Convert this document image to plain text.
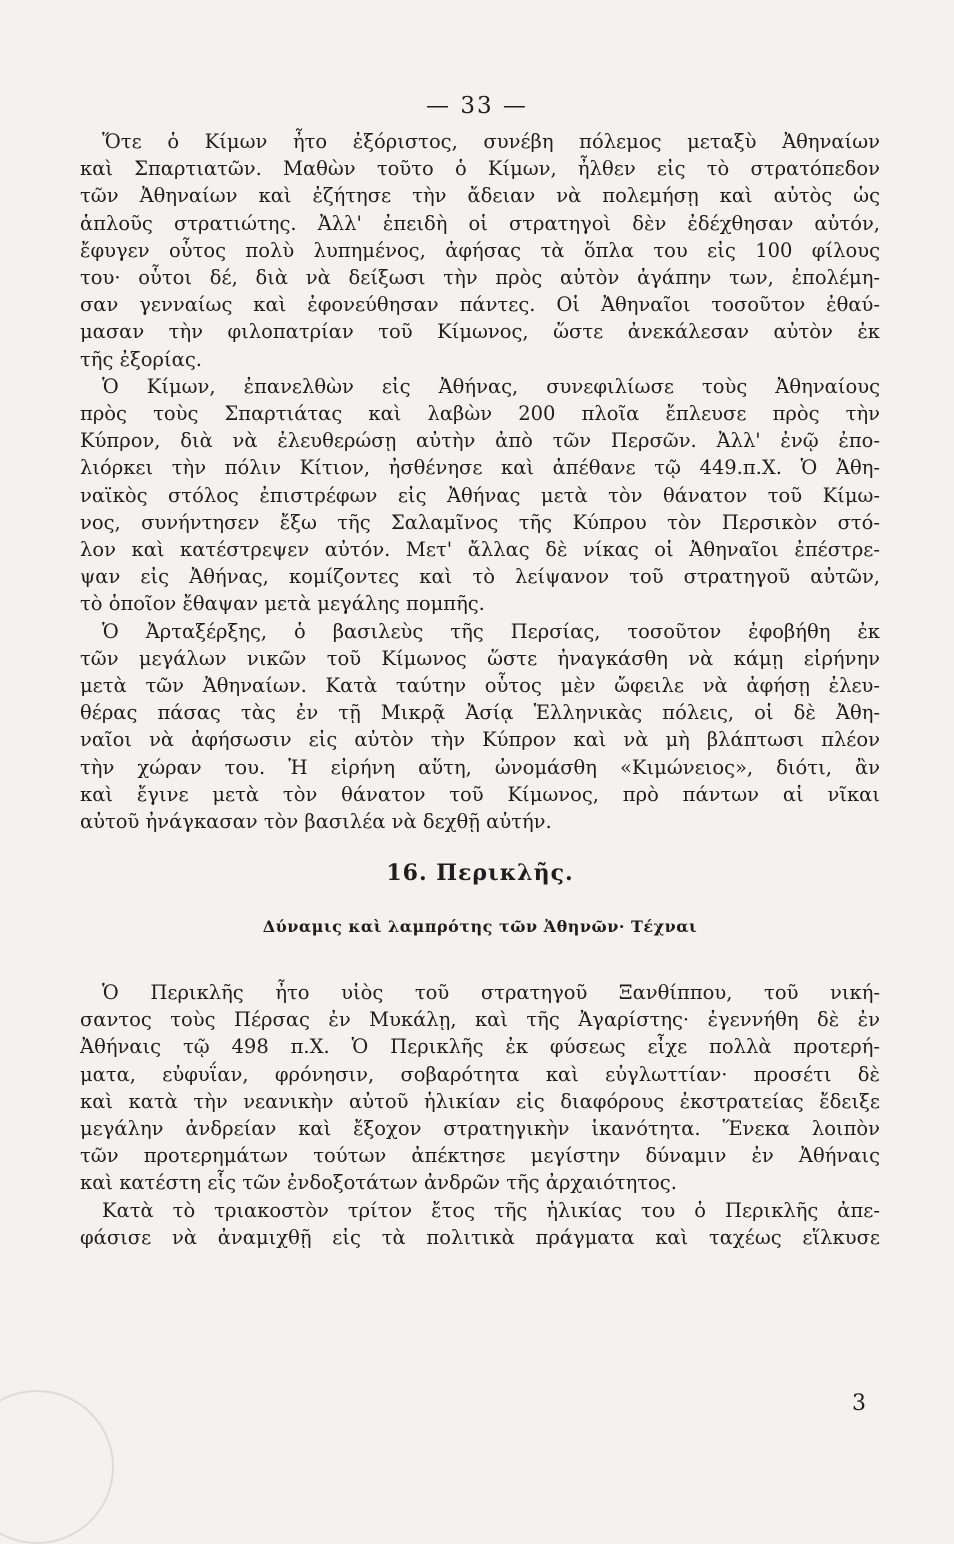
— 33 —

Ὅτε ὁ Κίμων ἦτο ἐξόριστος, συνέβη πόλεμος μεταξὺ Ἀθηναίων

καὶ Σπαρτιατῶν. Μαθὼν τοῦτο ὁ Κίμων, ἦλθεν εἰς τὸ στρατόπεδον

τῶν Ἀθηναίων καὶ ἐζήτησε τὴν ἄδειαν νὰ πολεμήσῃ καὶ αὐτὸς ὡς

ἁπλοῦς στρατιώτης. Ἀλλ' ἐπειδὴ οἱ στρατηγοὶ δὲν ἐδέχθησαν αὐτόν,

ἔφυγεν οὗτος πολὺ λυπημένος, ἀφήσας τὰ ὅπλα του εἰς 100 φίλους

του· οὗτοι δέ, διὰ νὰ δείξωσι τὴν πρὸς αὐτὸν ἀγάπην των, ἐπολέμη-

σαν γενναίως καὶ ἐφονεύθησαν πάντες. Οἱ Ἀθηναῖοι τοσοῦτον ἐθαύ-

μασαν τὴν φιλοπατρίαν τοῦ Κίμωνος, ὥστε ἀνεκάλεσαν αὐτὸν ἐκ

τῆς ἐξορίας.

Ὁ Κίμων, ἐπανελθὼν εἰς Ἀθήνας, συνεφιλίωσε τοὺς Ἀθηναίους

πρὸς τοὺς Σπαρτιάτας καὶ λαβὼν 200 πλοῖα ἔπλευσε πρὸς τὴν

Κύπρον, διὰ νὰ ἐλευθερώσῃ αὐτὴν ἀπὸ τῶν Περσῶν. Ἀλλ' ἐνῷ ἐπο-

λιόρκει τὴν πόλιν Κίτιον, ἠσθένησε καὶ ἀπέθανε τῷ 449.π.Χ. Ὁ Ἀθη-

ναϊκὸς στόλος ἐπιστρέφων εἰς Ἀθήνας μετὰ τὸν θάνατον τοῦ Κίμω-

νος, συνήντησεν ἔξω τῆς Σαλαμῖνος τῆς Κύπρου τὸν Περσικὸν στό-

λον καὶ κατέστρεψεν αὐτόν. Μετ' ἄλλας δὲ νίκας οἱ Ἀθηναῖοι ἐπέστρε-

ψαν εἰς Ἀθήνας, κομίζοντες καὶ τὸ λείψανον τοῦ στρατηγοῦ αὐτῶν,

τὸ ὁποῖον ἔθαψαν μετὰ μεγάλης πομπῆς.

Ὁ Ἀρταξέρξης, ὁ βασιλεὺς τῆς Περσίας, τοσοῦτον ἐφοβήθη ἐκ

τῶν μεγάλων νικῶν τοῦ Κίμωνος ὥστε ἠναγκάσθη νὰ κάμῃ εἰρήνην

μετὰ τῶν Ἀθηναίων. Κατὰ ταύτην οὗτος μὲν ὤφειλε νὰ ἀφήσῃ ἐλευ-

θέρας πάσας τὰς ἐν τῇ Μικρᾷ Ἀσίᾳ Ἑλληνικὰς πόλεις, οἱ δὲ Ἀθη-

ναῖοι νὰ ἀφήσωσιν εἰς αὐτὸν τὴν Κύπρον καὶ νὰ μὴ βλάπτωσι πλέον

τὴν χώραν του. Ἡ εἰρήνη αὕτη, ὠνομάσθη «Κιμώνειος», διότι, ἂν

καὶ ἔγινε μετὰ τὸν θάνατον τοῦ Κίμωνος, πρὸ πάντων αἱ νῖκαι

αὐτοῦ ἠνάγκασαν τὸν βασιλέα νὰ δεχθῇ αὐτήν.

16. Περικλῆς.
Δύναμις καὶ λαμπρότης τῶν Ἀθηνῶν· Τέχναι

Ὁ Περικλῆς ἦτο υἱὸς τοῦ στρατηγοῦ Ξανθίππου, τοῦ νική-

σαντος τοὺς Πέρσας ἐν Μυκάλῃ, καὶ τῆς Ἀγαρίστης· ἐγεννήθη δὲ ἐν

Ἀθήναις τῷ 498 π.Χ. Ὁ Περικλῆς ἐκ φύσεως εἶχε πολλὰ προτερή-

ματα, εὐφυΐαν, φρόνησιν, σοβαρότητα καὶ εὐγλωττίαν· προσέτι δὲ

καὶ κατὰ τὴν νεανικὴν αὐτοῦ ἡλικίαν εἰς διαφόρους ἐκστρατείας ἔδειξε

μεγάλην ἀνδρείαν καὶ ἔξοχον στρατηγικὴν ἱκανότητα. Ἕνεκα λοιπὸν

τῶν προτερημάτων τούτων ἀπέκτησε μεγίστην δύναμιν ἐν Ἀθήναις

καὶ κατέστη εἷς τῶν ἐνδοξοτάτων ἀνδρῶν τῆς ἀρχαιότητος.

Κατὰ τὸ τριακοστὸν τρίτον ἔτος τῆς ἡλικίας του ὁ Περικλῆς ἀπε-

φάσισε νὰ ἀναμιχθῇ εἰς τὰ πολιτικὰ πράγματα καὶ ταχέως εἵλκυσε

3
